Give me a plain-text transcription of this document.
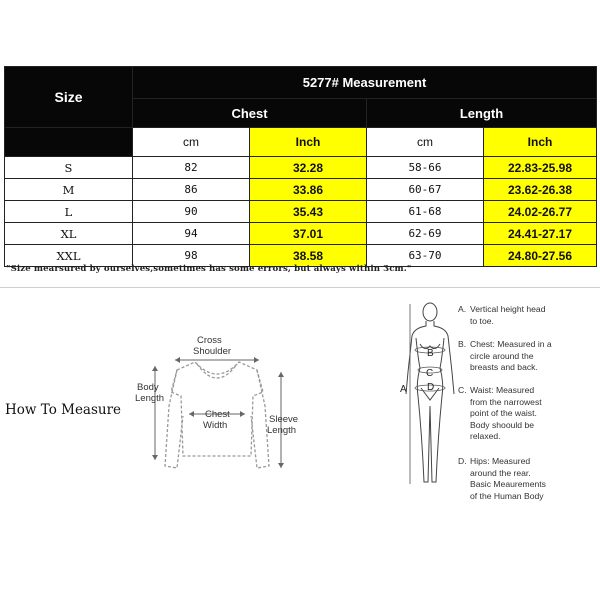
Size	5277# Measurement			
	Chest		Length	
	cm	Inch	cm	Inch
S	82	32.28	58-66	22.83-25.98
M	86	33.86	60-67	23.62-26.38
L	90	35.43	61-68	24.02-26.77
XL	94	37.01	62-69	24.41-27.17
XXL	98	38.58	63-70	24.80-27.56
"Size mearsured by ourselves,sometimes has some errors, but always within 3cm."
How To Measure
Cross
Shoulder
Body
Length
Chest
Width
Sleeve
Length
A
B
C
D
A. Vertical height head
to toe.
B. Chest: Measured in a
circle around the
breasts and back.
C. Waist: Measured
from the narrowest
point of the waist.
Body shoould be
relaxed.
D. Hips: Measured
around the rear.
Basic Meaurements
of the Human Body
